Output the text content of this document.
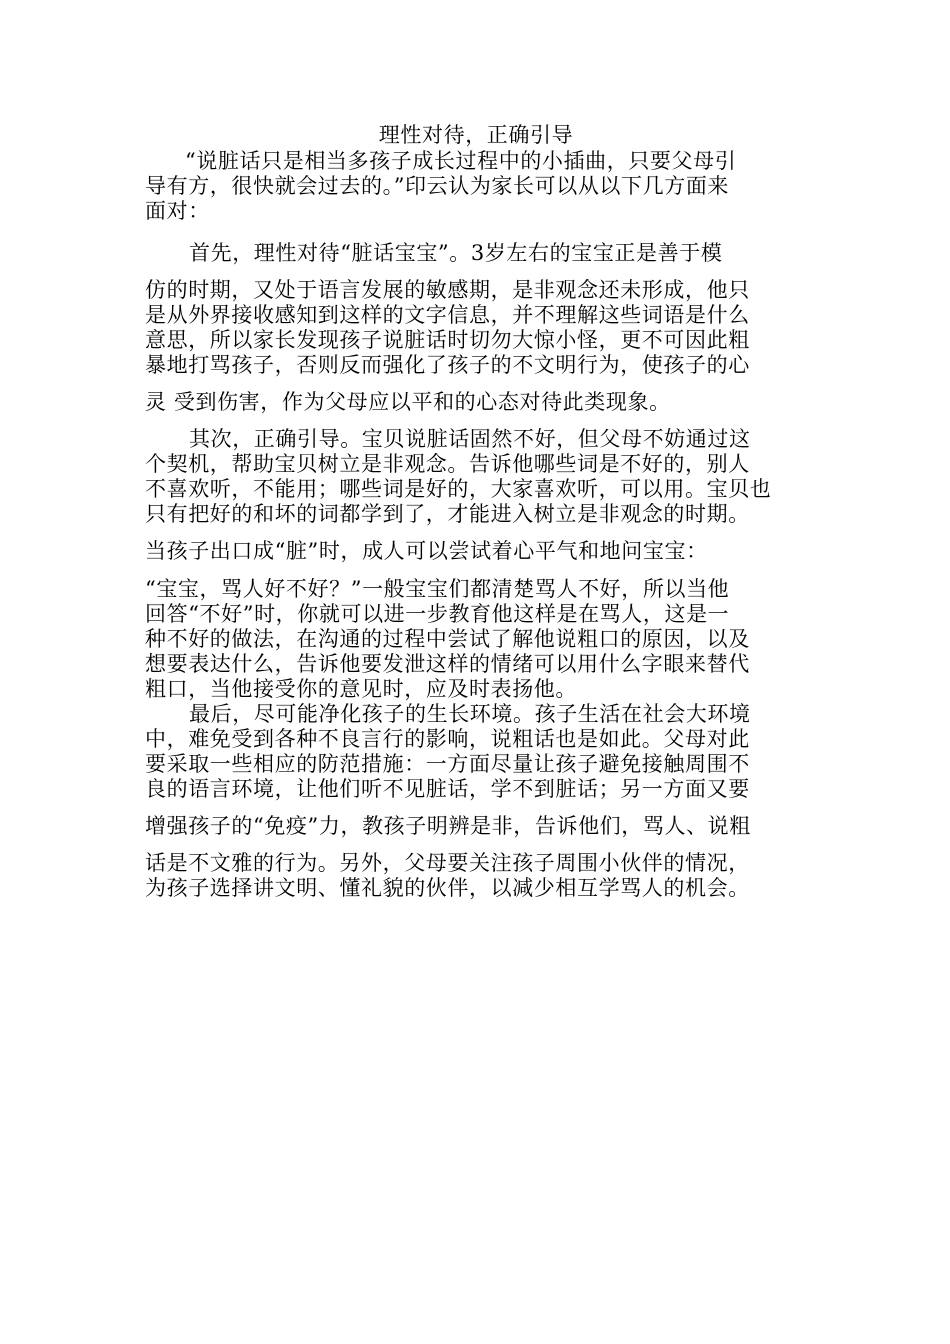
理性对待，正确引导
“说脏话只是相当多孩子成长过程中的小插曲，只要父母引
导有方，很快就会过去的。”印云认为家长可以从以下几方面来
面对：
首先，理性对待“脏话宝宝”。3岁左右的宝宝正是善于模
仿的时期，又处于语言发展的敏感期，是非观念还未形成，他只
是从外界接收感知到这样的文字信息，并不理解这些词语是什么
意思，所以家长发现孩子说脏话时切勿大惊小怪，更不可因此粗
暴地打骂孩子，否则反而强化了孩子的不文明行为，使孩子的心
灵 受到伤害，作为父母应以平和的心态对待此类现象。
其次，正确引导。宝贝说脏话固然不好，但父母不妨通过这
个契机，帮助宝贝树立是非观念。告诉他哪些词是不好的，别人
不喜欢听，不能用；哪些词是好的，大家喜欢听，可以用。宝贝也
只有把好的和坏的词都学到了，才能进入树立是非观念的时期。
当孩子出口成“脏”时，成人可以尝试着心平气和地问宝宝：
“宝宝，骂人好不好？”一般宝宝们都清楚骂人不好，所以当他
回答“不好”时，你就可以进一步教育他这样是在骂人，这是一
种不好的做法，在沟通的过程中尝试了解他说粗口的原因，以及
想要表达什么，告诉他要发泄这样的情绪可以用什么字眼来替代
粗口，当他接受你的意见时，应及时表扬他。
最后，尽可能净化孩子的生长环境。孩子生活在社会大环境
中，难免受到各种不良言行的影响，说粗话也是如此。父母对此
要采取一些相应的防范措施：一方面尽量让孩子避免接触周围不
良的语言环境，让他们听不见脏话，学不到脏话；另一方面又要
增强孩子的“免疫”力，教孩子明辨是非，告诉他们，骂人、说粗
话是不文雅的行为。另外，父母要关注孩子周围小伙伴的情况，
为孩子选择讲文明、懂礼貌的伙伴，以减少相互学骂人的机会。
